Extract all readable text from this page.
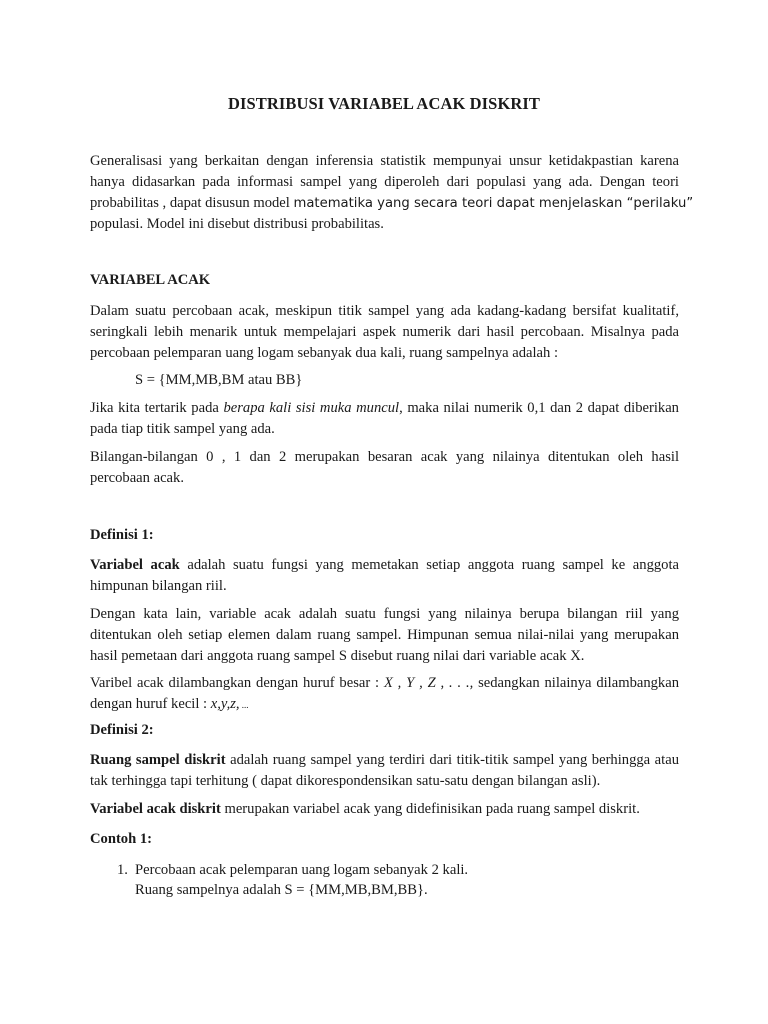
DISTRIBUSI VARIABEL ACAK DISKRIT
Generalisasi yang berkaitan dengan inferensia statistik mempunyai unsur ketidakpastian karena
hanya didasarkan pada informasi sampel yang diperoleh dari populasi yang ada. Dengan teori
probabilitas , dapat disusun model matematika yang secara teori dapat menjelaskan “perilaku”
populasi. Model ini disebut distribusi probabilitas.
VARIABEL ACAK
Dalam suatu percobaan acak, meskipun titik sampel yang ada kadang-kadang bersifat kualitatif,
seringkali lebih menarik untuk mempelajari aspek numerik dari hasil percobaan. Misalnya pada
percobaan pelemparan uang logam sebanyak dua kali, ruang sampelnya adalah :
S = {MM,MB,BM atau BB}
Jika kita tertarik pada berapa kali sisi muka muncul, maka nilai numerik 0,1 dan 2 dapat diberikan
pada tiap titik sampel yang ada.
Bilangan-bilangan 0 , 1 dan 2 merupakan besaran acak yang nilainya ditentukan oleh hasil
percobaan acak.
Definisi 1:
Variabel acak adalah suatu fungsi yang memetakan setiap anggota ruang sampel ke anggota
himpunan bilangan riil.
Dengan kata lain, variable acak adalah suatu fungsi yang nilainya berupa bilangan riil yang
ditentukan oleh setiap elemen dalam ruang sampel. Himpunan semua nilai-nilai yang merupakan
hasil pemetaan dari anggota ruang sampel S disebut ruang nilai dari variable acak X.
Varibel acak dilambangkan dengan huruf besar : X , Y , Z , . . ., sedangkan nilainya dilambangkan
dengan huruf kecil : x,y,z, ...
Definisi 2:
Ruang sampel diskrit adalah ruang sampel yang terdiri dari titik-titik sampel yang berhingga atau
tak terhingga tapi terhitung ( dapat dikorespondensikan satu-satu dengan bilangan asli).
Variabel acak diskrit merupakan variabel acak yang didefinisikan pada ruang sampel diskrit.
Contoh 1:
1. Percobaan acak pelemparan uang logam sebanyak 2 kali.
Ruang sampelnya adalah S = {MM,MB,BM,BB}.
